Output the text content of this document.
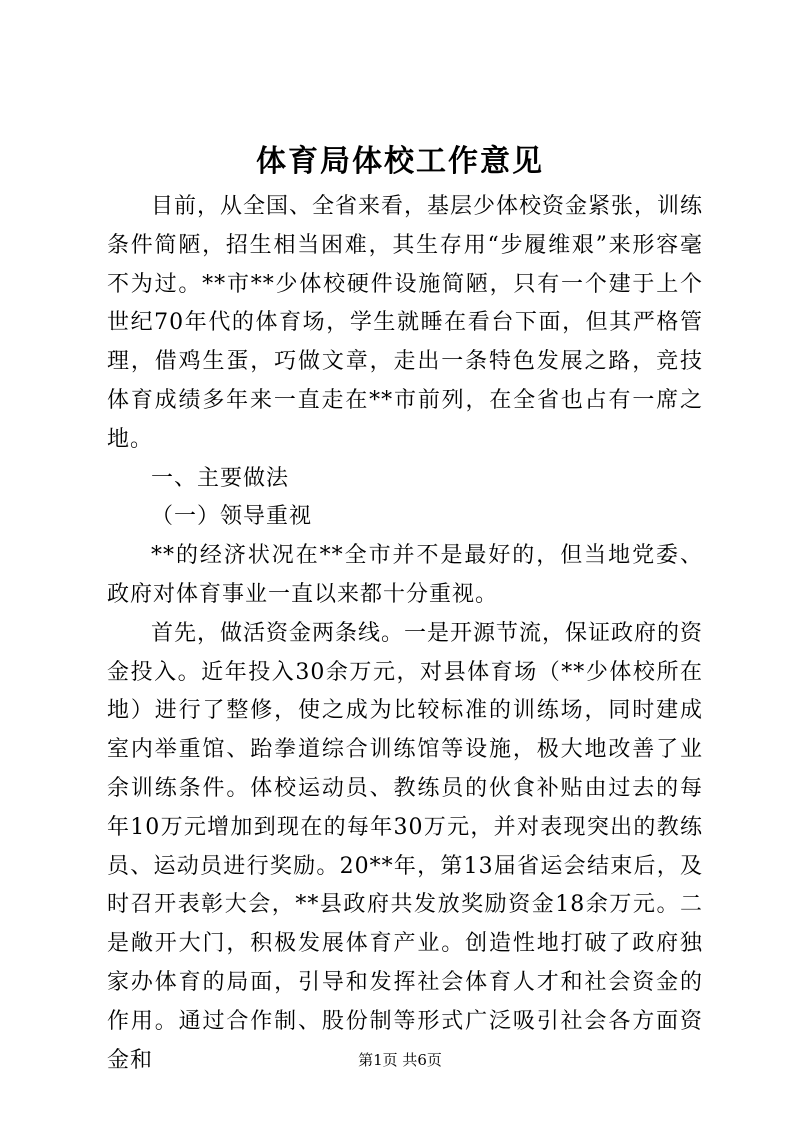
体育局体校工作意见

目前，从全国、全省来看，基层少体校资金紧张，训练条件简陋，招生相当困难，其生存用“步履维艰”来形容毫不为过。**市**少体校硬件设施简陋，只有一个建于上个世纪70年代的体育场，学生就睡在看台下面，但其严格管理，借鸡生蛋，巧做文章，走出一条特色发展之路，竞技体育成绩多年来一直走在**市前列，在全省也占有一席之地。

一、主要做法

（一）领导重视

**的经济状况在**全市并不是最好的，但当地党委、政府对体育事业一直以来都十分重视。

首先，做活资金两条线。一是开源节流，保证政府的资金投入。近年投入30余万元，对县体育场（**少体校所在地）进行了整修，使之成为比较标准的训练场，同时建成室内举重馆、跆拳道综合训练馆等设施，极大地改善了业余训练条件。体校运动员、教练员的伙食补贴由过去的每年10万元增加到现在的每年30万元，并对表现突出的教练员、运动员进行奖励。20**年，第13届省运会结束后，及时召开表彰大会，**县政府共发放奖励资金18余万元。二是敞开大门，积极发展体育产业。创造性地打破了政府独家办体育的局面，引导和发挥社会体育人才和社会资金的作用。通过合作制、股份制等形式广泛吸引社会各方面资金和	第1页 共6页
